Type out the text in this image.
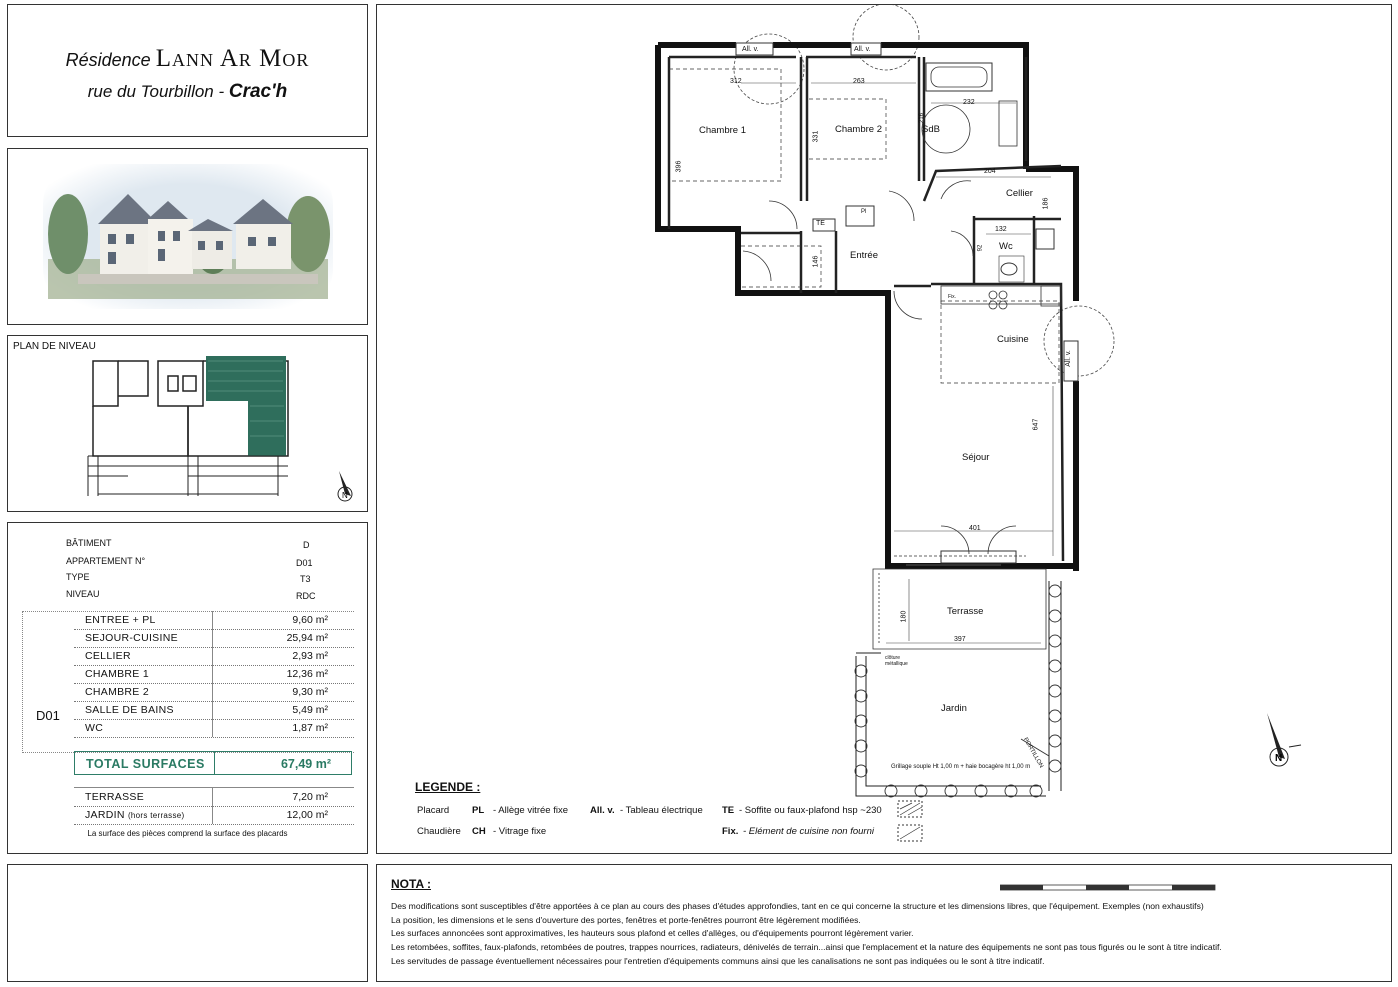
Résidence Lann Ar Mor
rue du Tourbillon - Crac'h
PLAN DE NIVEAU
N
BÂTIMENT	D
APPARTEMENT N°	D01
TYPE	T3
NIVEAU	RDC
D01
ENTREE + PL	9,60 m²
SEJOUR-CUISINE	25,94 m²
CELLIER	2,93 m²
CHAMBRE 1	12,36 m²
CHAMBRE 2	9,30 m²
SALLE DE BAINS	5,49 m²
WC	1,87 m²
TOTAL SURFACES	67,49 m²
TERRASSE	7,20 m²
JARDIN (hors terrasse)	12,00 m²
La surface des pièces comprend la surface des placards
N
Chambre 1	Chambre 2	SdB
Cellier
Wc
Entrée
Cuisine
Séjour
Terrasse
Jardin
312	263
232
396
331
204
186
132
146
647
401
180
397
216
92
All. v.	All. v.
All. v.
TE
Pl
Fix.
clôture métallique
Grillage souple Ht 1,00 m + haie bocagère ht 1,00 m
PORTILLON
LEGENDE :
Placard PL - Allège vitrée fixe All. v. - Tableau électrique TE - Soffite ou faux-plafond hsp ~230
Chaudière CH - Vitrage fixe	Fix. - Elément de cuisine non fourni
NOTA :
Des modifications sont susceptibles d'être apportées à ce plan au cours des phases d'études approfondies, tant en ce qui concerne la structure et les dimensions libres, que l'équipement. Exemples (non exhaustifs)
La position, les dimensions et le sens d'ouverture des portes, fenêtres et porte-fenêtres pourront être légèrement modifiées.
Les surfaces annoncées sont approximatives, les hauteurs sous plafond et celles d'allèges, ou d'équipements pourront légèrement varier.
Les retombées, soffites, faux-plafonds, retombées de poutres, trappes nourrices, radiateurs, dénivelés de terrain...ainsi que l'emplacement et la nature des équipements ne sont pas tous figurés ou le sont à titre indicatif.
Les servitudes de passage éventuellement nécessaires pour l'entretien d'équipements communs ainsi que les canalisations ne sont pas indiquées ou le sont à titre indicatif.
